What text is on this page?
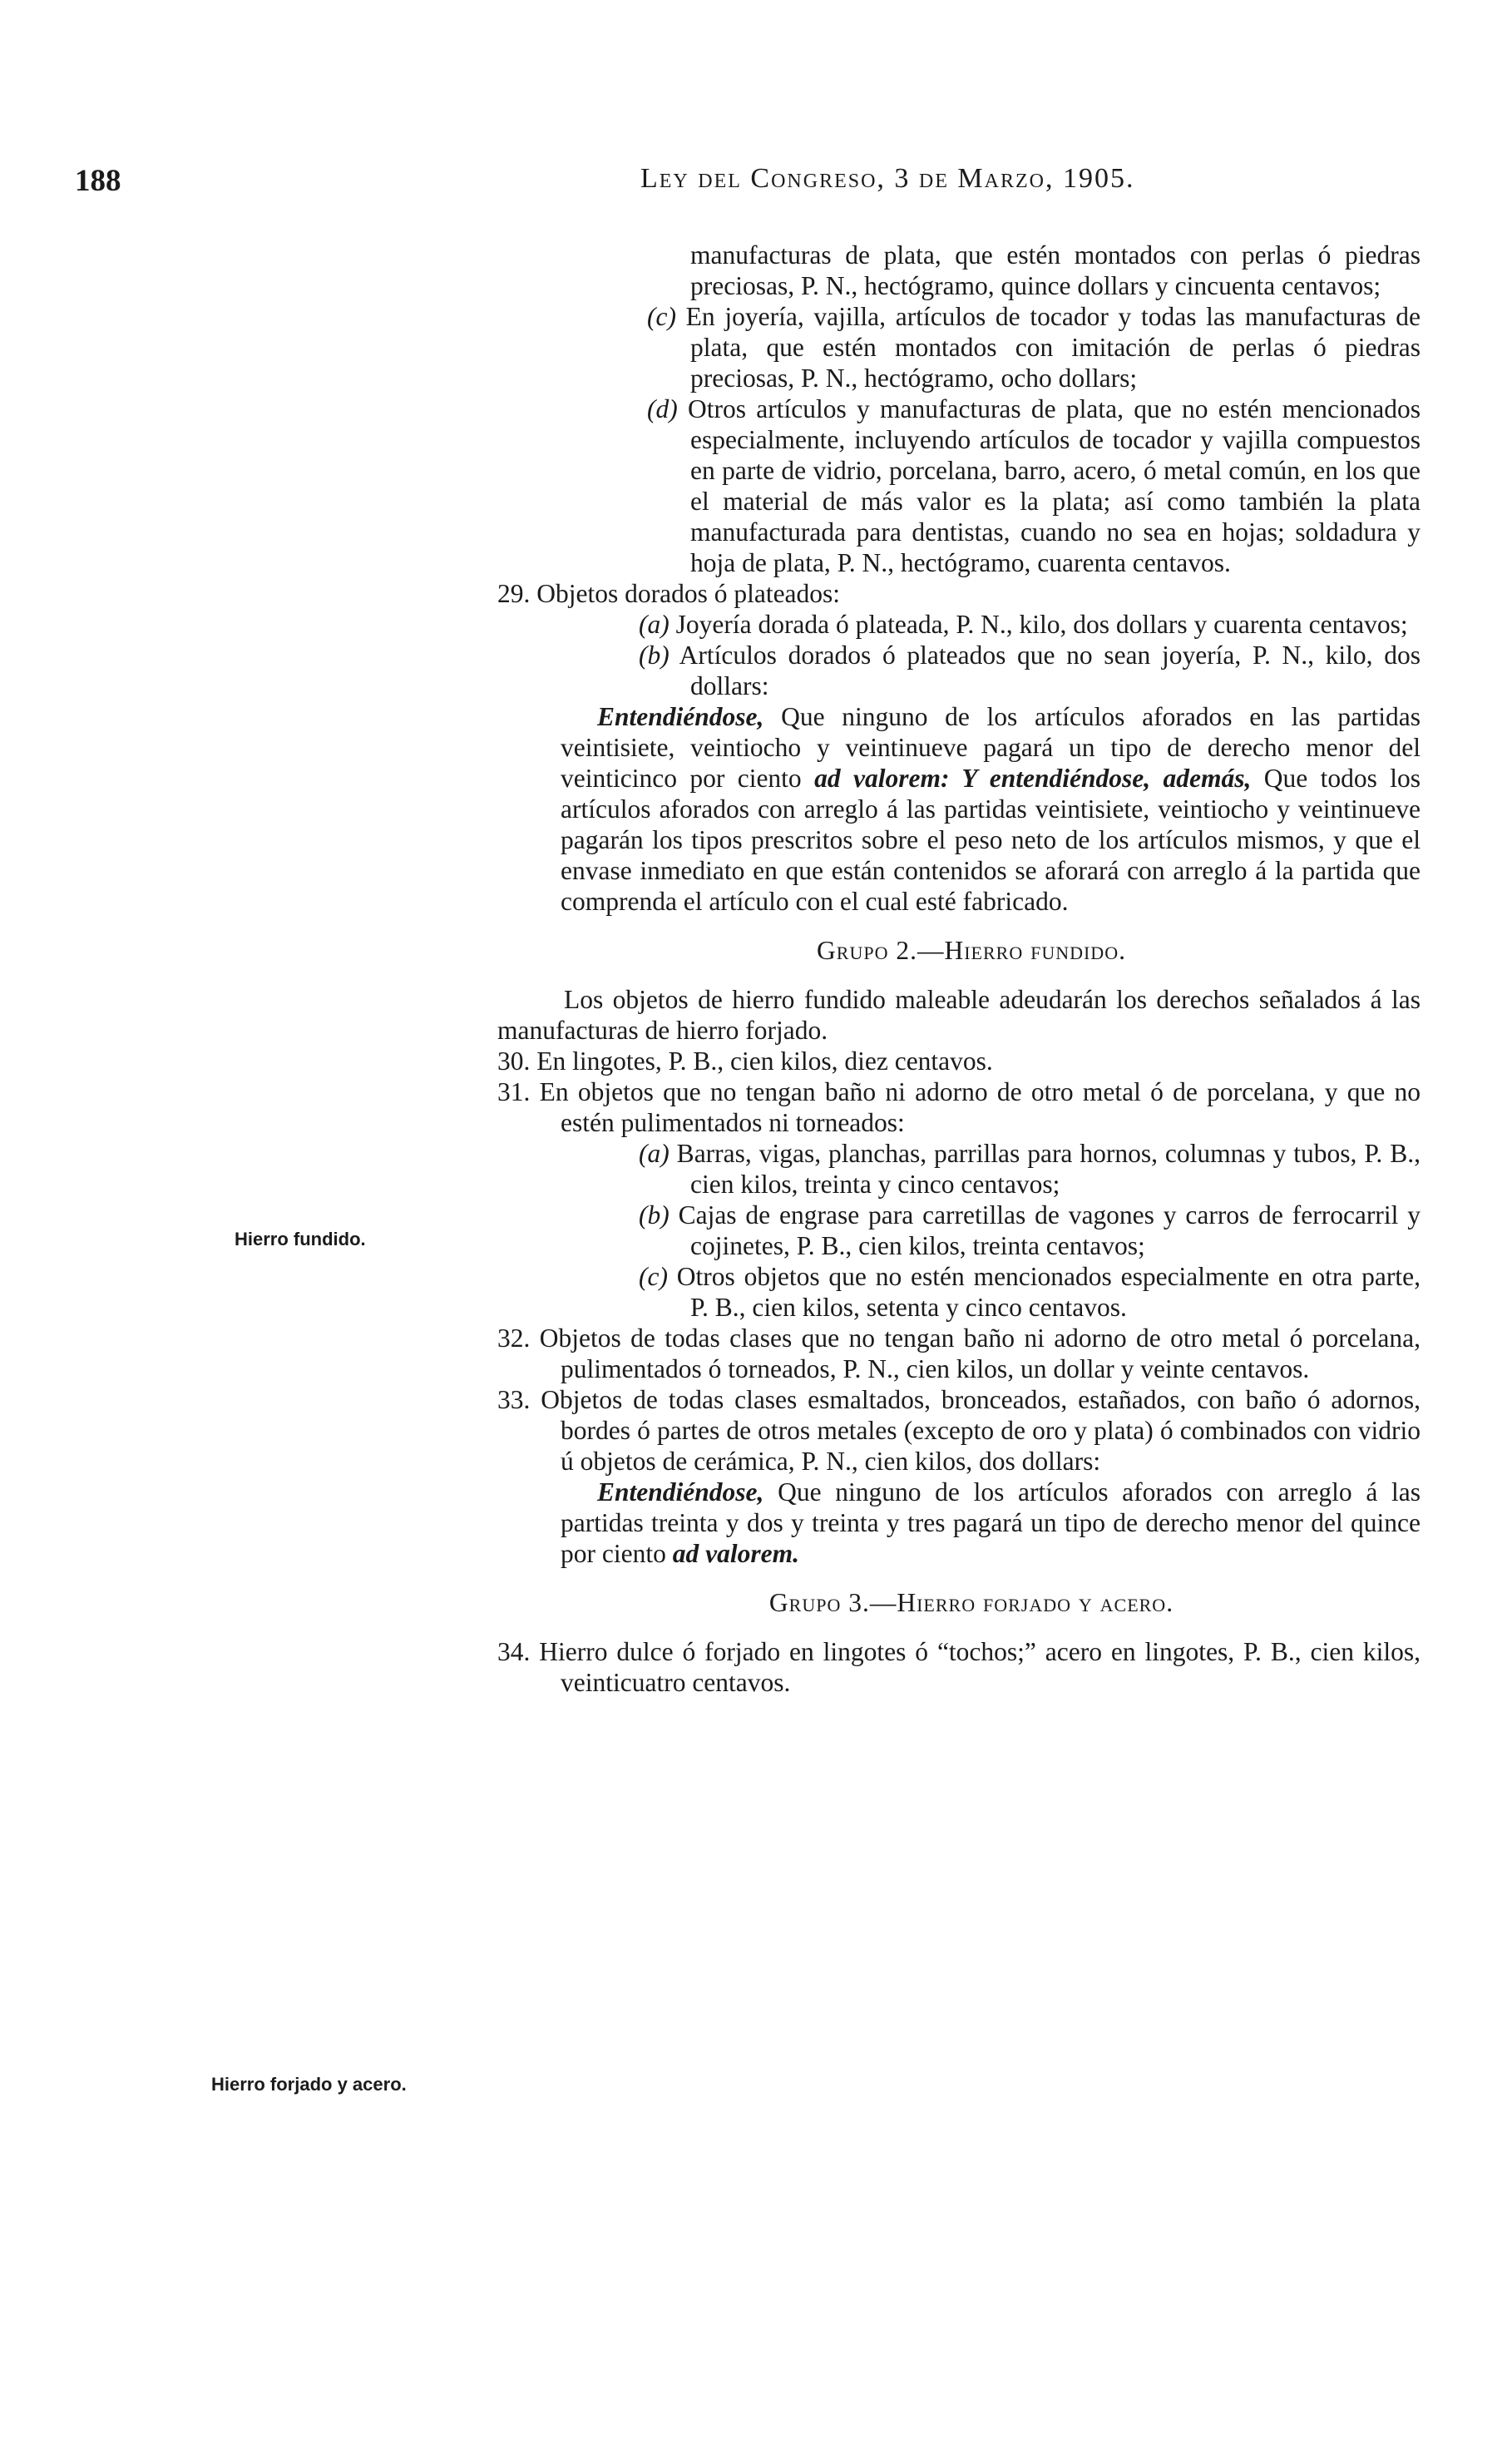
188	Ley del Congreso, 3 de Marzo, 1905.
Hierro fundido.
Hierro forjado y acero.

manufacturas de plata, que estén montados con perlas ó piedras preciosas, P. N., hectógramo, quince dollars y cincuenta centavos;

(c) En joyería, vajilla, artículos de tocador y todas las manufacturas de plata, que estén montados con imitación de perlas ó piedras preciosas, P. N., hectógramo, ocho dollars;

(d) Otros artículos y manufacturas de plata, que no estén mencionados especialmente, incluyendo artículos de tocador y vajilla compuestos en parte de vidrio, porcelana, barro, acero, ó metal común, en los que el material de más valor es la plata; así como también la plata manufacturada para dentistas, cuando no sea en hojas; soldadura y hoja de plata, P. N., hectógramo, cuarenta centavos.

29. Objetos dorados ó plateados:

(a) Joyería dorada ó plateada, P. N., kilo, dos dollars y cuarenta centavos;

(b) Artículos dorados ó plateados que no sean joyería, P. N., kilo, dos dollars:

Entendiéndose, Que ninguno de los artículos aforados en las partidas veintisiete, veintiocho y veintinueve pagará un tipo de derecho menor del veinticinco por ciento ad valorem: Y entendiéndose, además, Que todos los artículos aforados con arreglo á las partidas veintisiete, veintiocho y veintinueve pagarán los tipos prescritos sobre el peso neto de los artículos mismos, y que el envase inmediato en que están contenidos se aforará con arreglo á la partida que comprenda el artículo con el cual esté fabricado.

Grupo 2.—Hierro fundido.

Los objetos de hierro fundido maleable adeudarán los derechos señalados á las manufacturas de hierro forjado.

30. En lingotes, P. B., cien kilos, diez centavos.

31. En objetos que no tengan baño ni adorno de otro metal ó de porcelana, y que no estén pulimentados ni torneados:

(a) Barras, vigas, planchas, parrillas para hornos, columnas y tubos, P. B., cien kilos, treinta y cinco centavos;

(b) Cajas de engrase para carretillas de vagones y carros de ferrocarril y cojinetes, P. B., cien kilos, treinta centavos;

(c) Otros objetos que no estén mencionados especialmente en otra parte, P. B., cien kilos, setenta y cinco centavos.

32. Objetos de todas clases que no tengan baño ni adorno de otro metal ó porcelana, pulimentados ó torneados, P. N., cien kilos, un dollar y veinte centavos.

33. Objetos de todas clases esmaltados, bronceados, estañados, con baño ó adornos, bordes ó partes de otros metales (excepto de oro y plata) ó combinados con vidrio ú objetos de cerámica, P. N., cien kilos, dos dollars:

Entendiéndose, Que ninguno de los artículos aforados con arreglo á las partidas treinta y dos y treinta y tres pagará un tipo de derecho menor del quince por ciento ad valorem.

Grupo 3.—Hierro forjado y acero.

34. Hierro dulce ó forjado en lingotes ó “tochos;” acero en lingotes, P. B., cien kilos, veinticuatro centavos.
